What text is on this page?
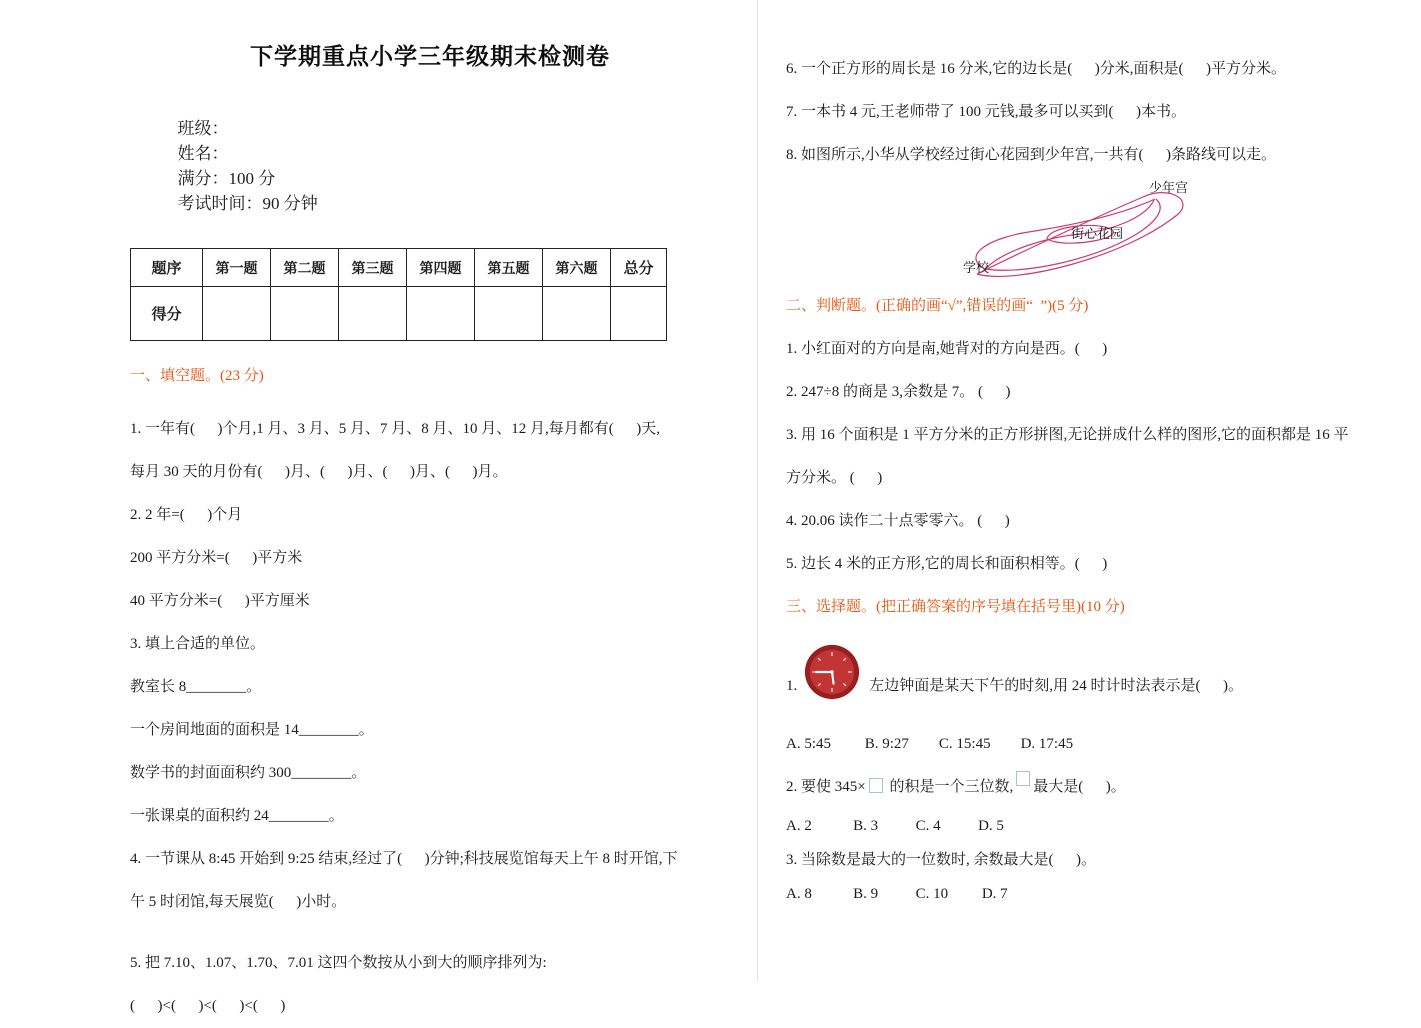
下学期重点小学三年级期末检测卷

班级：
姓名：
满分：100 分
考试时间：90 分钟

题序	第一题	第二题	第三题	第四题	第五题	第六题	总分
得分							
一、填空题。(23 分)

1. 一年有(      )个月,1 月、3 月、5 月、7 月、8 月、10 月、12 月,每月都有(      )天,

每月 30 天的月份有(      )月、(      )月、(      )月、(      )月。

2. 2 年=(      )个月

200 平方分米=(      )平方米

40 平方分米=(      )平方厘米

3. 填上合适的单位。

教室长 8________。

一个房间地面的面积是 14________。

数学书的封面面积约 300________。

一张课桌的面积约 24________。

4. 一节课从 8:45 开始到 9:25 结束,经过了(      )分钟;科技展览馆每天上午 8 时开馆,下

午 5 时闭馆,每天展览(      )小时。

5. 把 7.10、1.07、1.70、7.01 这四个数按从小到大的顺序排列为:

(      )<(      )<(      )<(      )

6. 一个正方形的周长是 16 分米,它的边长是(      )分米,面积是(      )平方分米。

7. 一本书 4 元,王老师带了 100 元钱,最多可以买到(      )本书。

8. 如图所示,小华从学校经过街心花园到少年宫,一共有(      )条路线可以走。

学校
街心花园
少年宫
二、判断题。(正确的画“√”,错误的画“  ”)(5 分)

1. 小红面对的方向是南,她背对的方向是西。(      )

2. 247÷8 的商是 3,余数是 7。 (      )

3. 用 16 个面积是 1 平方分米的正方形拼图,无论拼成什么样的图形,它的面积都是 16 平

方分米。 (      )

4. 20.06 读作二十点零零六。 (      )

5. 边长 4 米的正方形,它的周长和面积相等。(      )

三、选择题。(把正确答案的序号填在括号里)(10 分)
1.	左边钟面是某天下午的时刻,用 24 时计时法表示是(      )。

A. 5:45         B. 9:27        C. 15:45        D. 17:45

2. 要使 345× 的积是一个三位数, 最大是(      )。

A. 2           B. 3          C. 4          D. 5

3. 当除数是最大的一位数时, 余数最大是(      )。

A. 8           B. 9          C. 10         D. 7
